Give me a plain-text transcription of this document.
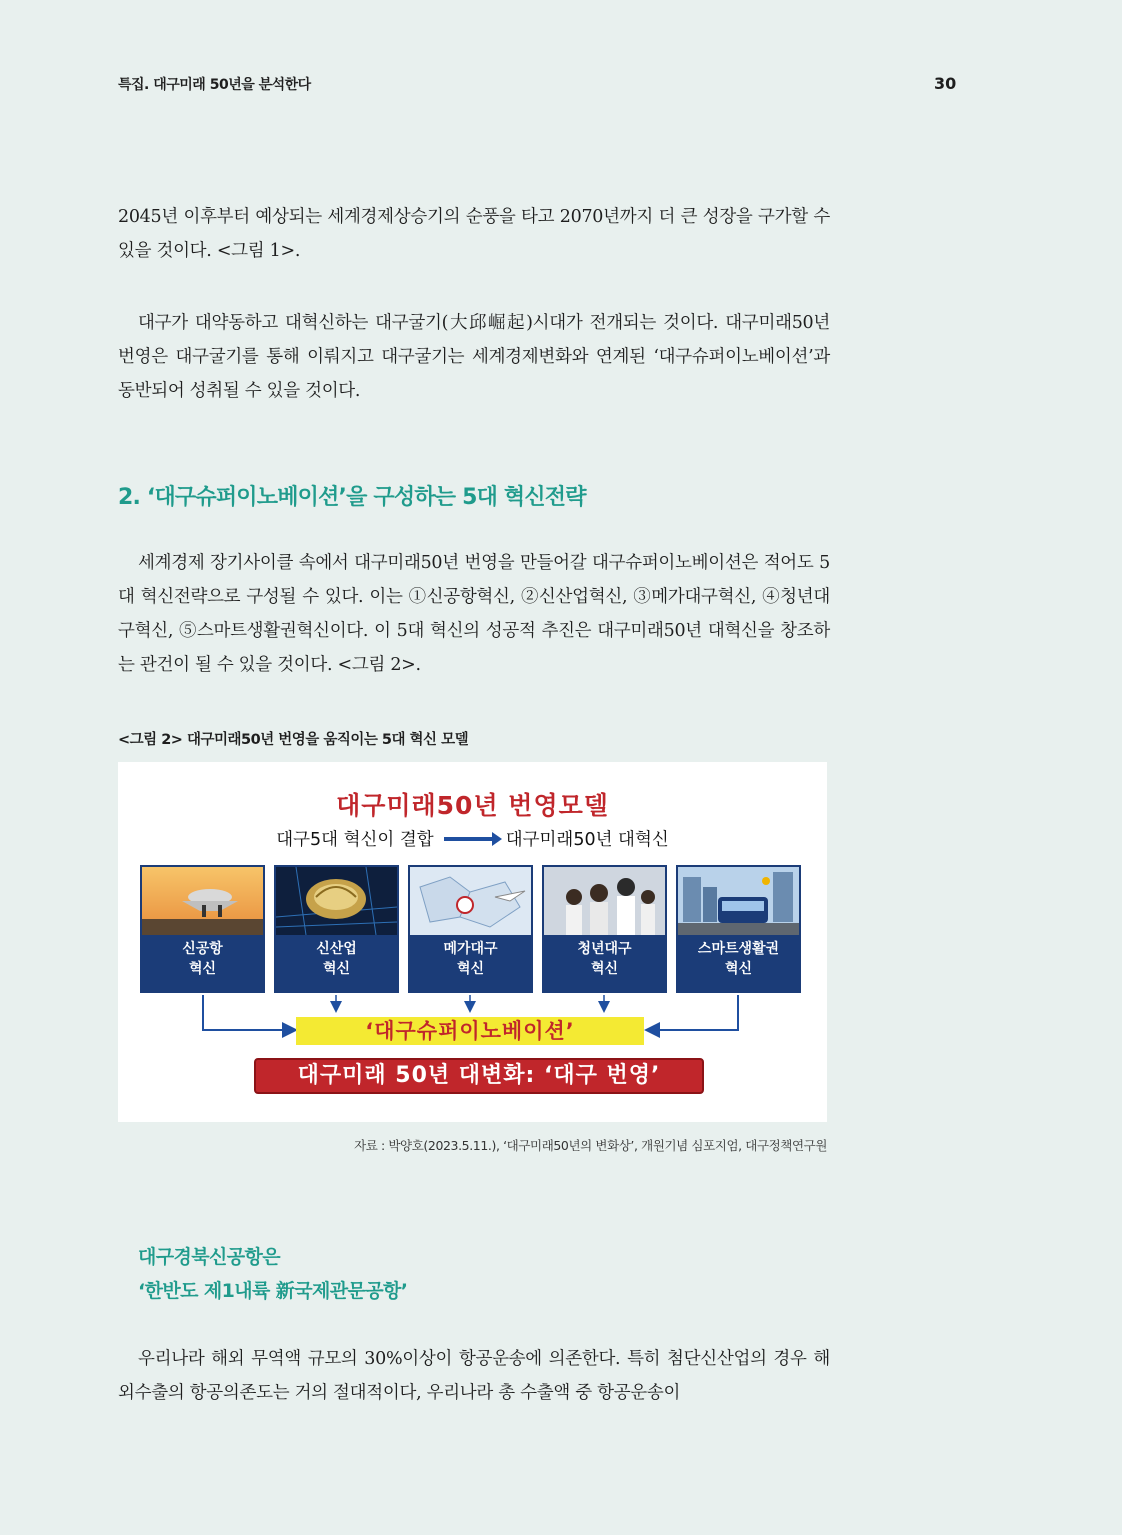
특집. 대구미래 50년을 분석한다	30

2045년 이후부터 예상되는 세계경제상승기의 순풍을 타고 2070년까지 더 큰 성장을 구가할 수 있을 것이다. <그림 1>.

대구가 대약동하고 대혁신하는 대구굴기(大邱崛起)시대가 전개되는 것이다. 대구미래50년 번영은 대구굴기를 통해 이뤄지고 대구굴기는 세계경제변화와 연계된 ‘대구슈퍼이노베이션’과 동반되어 성취될 수 있을 것이다.

2. ‘대구슈퍼이노베이션’을 구성하는 5대 혁신전략

세계경제 장기사이클 속에서 대구미래50년 번영을 만들어갈 대구슈퍼이노베이션은 적어도 5대 혁신전략으로 구성될 수 있다. 이는 ①신공항혁신, ②신산업혁신, ③메가대구혁신, ④청년대구혁신, ⑤스마트생활권혁신이다. 이 5대 혁신의 성공적 추진은 대구미래50년 대혁신을 창조하는 관건이 될 수 있을 것이다. <그림 2>.

<그림 2> 대구미래50년 번영을 움직이는 5대 혁신 모델
대구미래50년 번영모델
대구5대 혁신이 결합	대구미래50년 대혁신
신공항
혁신
신산업
혁신
메가대구
혁신
청년대구
혁신
스마트생활권
혁신
‘대구슈퍼이노베이션’
대구미래 50년 대변화: ‘대구 번영’
자료 : 박양호(2023.5.11.), ‘대구미래50년의 변화상’, 개원기념 심포지엄, 대구정책연구원
대구경북신공항은
‘한반도 제1내륙 新국제관문공항’

우리나라 해외 무역액 규모의 30%이상이 항공운송에 의존한다. 특히 첨단신산업의 경우 해외수출의 항공의존도는 거의 절대적이다, 우리나라 총 수출액 중 항공운송이
